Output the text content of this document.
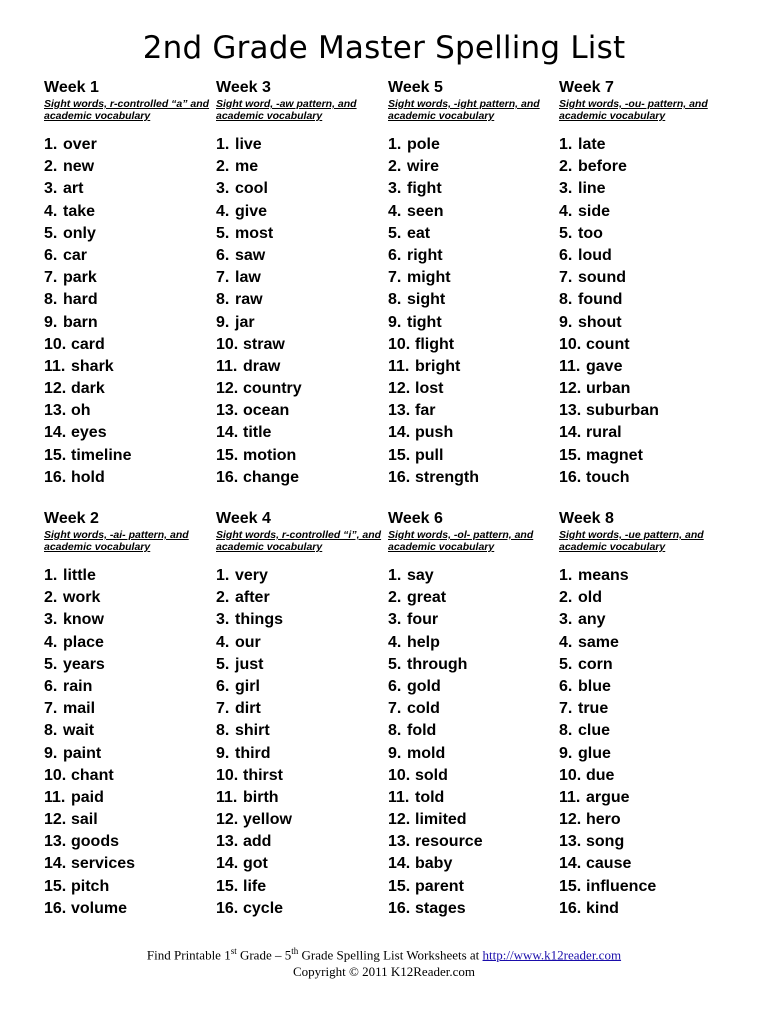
2nd Grade Master Spelling List
Week 1
Sight words, r-controlled “a” and academic vocabulary
1. over
2. new
3. art
4. take
5. only
6. car
7. park
8. hard
9. barn
10. card
11. shark
12. dark
13. oh
14. eyes
15. timeline
16. hold
Week 3
Sight word, -aw pattern, and academic vocabulary
1. live
2. me
3. cool
4. give
5. most
6. saw
7. law
8. raw
9. jar
10. straw
11. draw
12. country
13. ocean
14. title
15. motion
16. change
Week 5
Sight words, -ight pattern, and academic vocabulary
1. pole
2. wire
3. fight
4. seen
5. eat
6. right
7. might
8. sight
9. tight
10. flight
11. bright
12. lost
13. far
14. push
15. pull
16. strength
Week 7
Sight words, -ou- pattern, and academic vocabulary
1. late
2. before
3. line
4. side
5. too
6. loud
7. sound
8. found
9. shout
10. count
11. gave
12. urban
13. suburban
14. rural
15. magnet
16. touch
Week 2
Sight words, -ai- pattern, and academic vocabulary
1. little
2. work
3. know
4. place
5. years
6. rain
7. mail
8. wait
9. paint
10. chant
11. paid
12. sail
13. goods
14. services
15. pitch
16. volume
Week 4
Sight words, r-controlled “i”, and academic vocabulary
1. very
2. after
3. things
4. our
5. just
6. girl
7. dirt
8. shirt
9. third
10. thirst
11. birth
12. yellow
13. add
14. got
15. life
16. cycle
Week 6
Sight words, -ol- pattern, and academic vocabulary
1. say
2. great
3. four
4. help
5. through
6. gold
7. cold
8. fold
9. mold
10. sold
11. told
12. limited
13. resource
14. baby
15. parent
16. stages
Week 8
Sight words, -ue pattern, and academic vocabulary
1. means
2. old
3. any
4. same
5. corn
6. blue
7. true
8. clue
9. glue
10. due
11. argue
12. hero
13. song
14. cause
15. influence
16. kind
Find Printable 1st Grade – 5th Grade Spelling List Worksheets at http://www.k12reader.com
Copyright © 2011 K12Reader.com
